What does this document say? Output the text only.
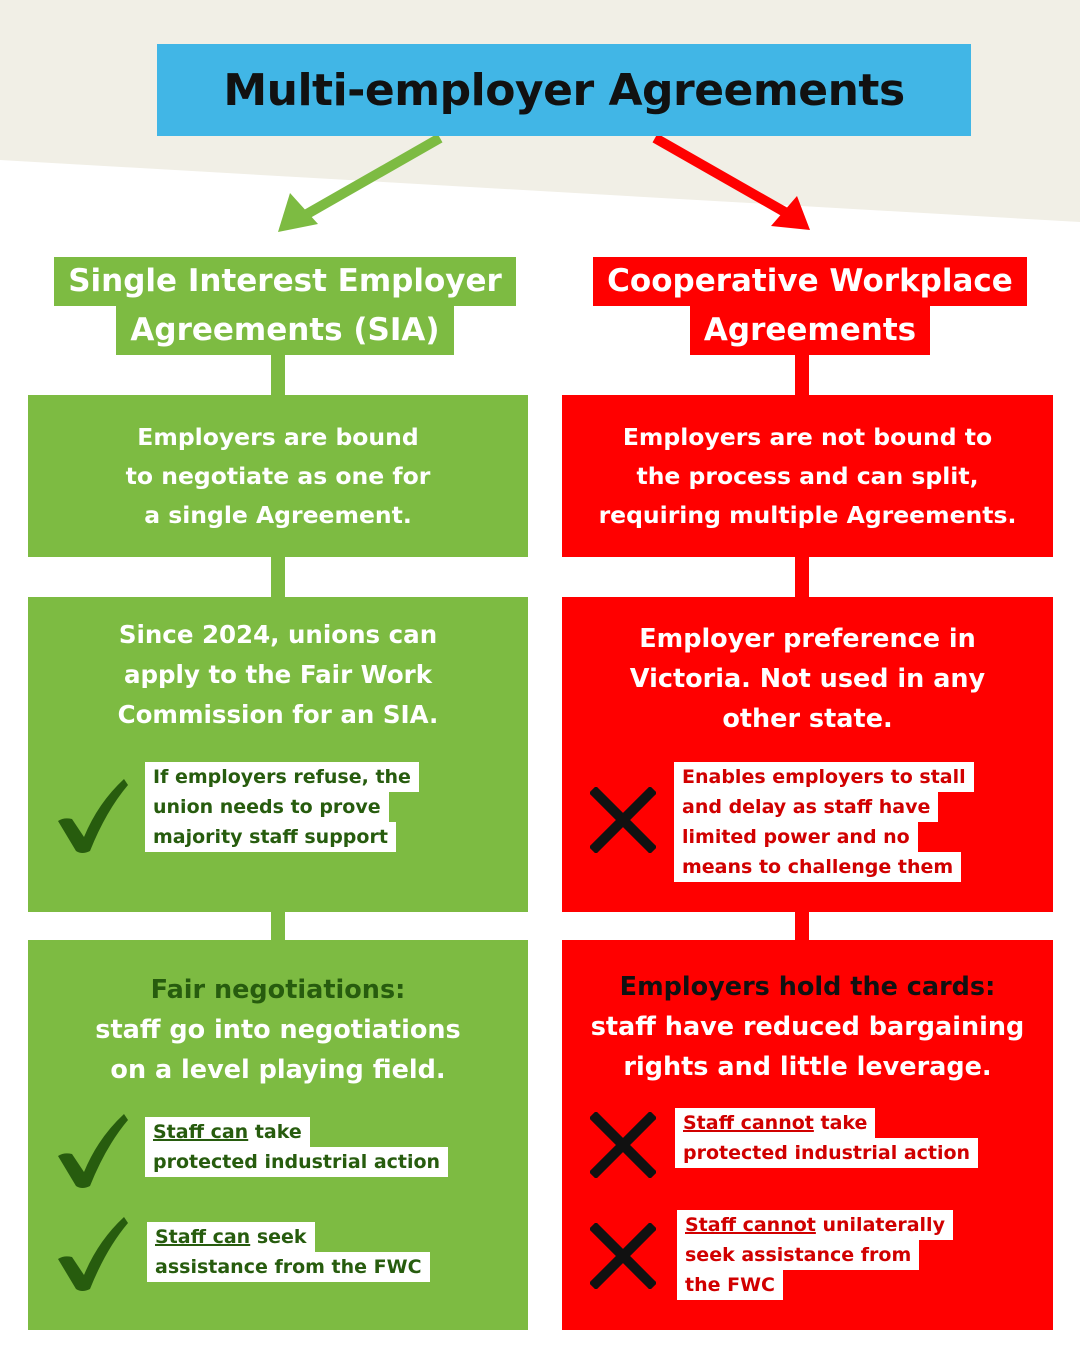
Multi-employer Agreements
Single Interest Employer
Agreements (SIA)
Employers are bound
to negotiate as one for
a single Agreement.
Since 2024, unions can
apply to the Fair Work
Commission for an SIA.
If employers refuse, the
union needs to prove
majority staff support
Fair negotiations:
staff go into negotiations
on a level playing field.
Staff can take
protected industrial action
Staff can seek
assistance from the FWC
Cooperative Workplace
Agreements
Employers are not bound to
the process and can split,
requiring multiple Agreements.
Employer preference in
Victoria. Not used in any
other state.
Enables employers to stall
and delay as staff have
limited power and no
means to challenge them
Employers hold the cards:
staff have reduced bargaining
rights and little leverage.
Staff cannot take
protected industrial action
Staff cannot unilaterally
seek assistance from
the FWC
